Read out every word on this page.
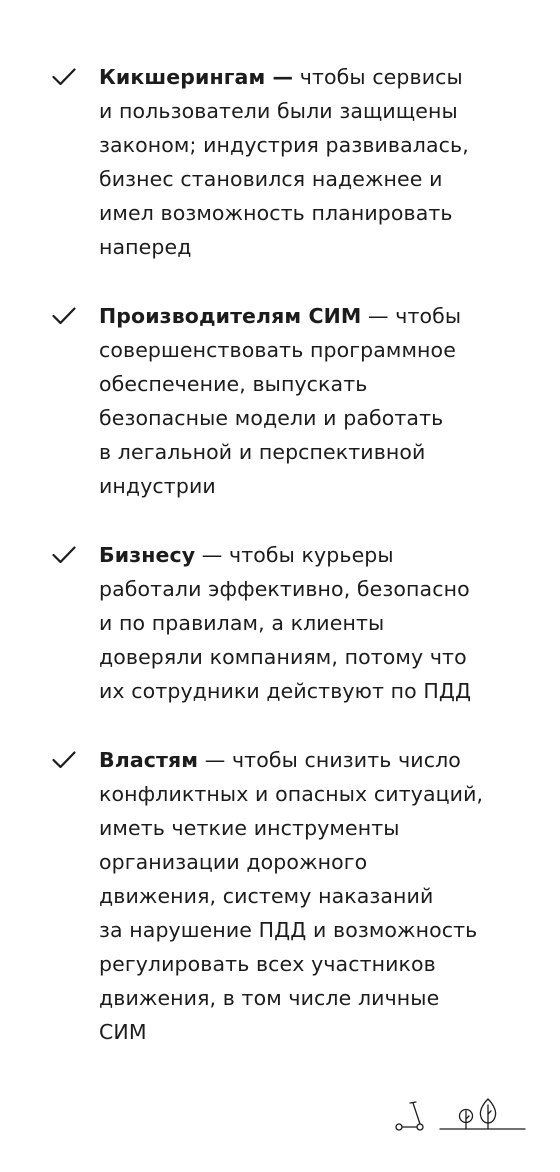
Кикшерингам — чтобы сервисы
и пользователи были защищены
законом; индустрия развивалась,
бизнес становился надежнее и
имел возможность планировать
наперед
Производителям СИМ — чтобы
совершенствовать программное
обеспечение, выпускать
безопасные модели и работать
в легальной и перспективной
индустрии
Бизнесу — чтобы курьеры
работали эффективно, безопасно
и по правилам, а клиенты
доверяли компаниям, потому что
их сотрудники действуют по ПДД
Властям — чтобы снизить число
конфликтных и опасных ситуаций,
иметь четкие инструменты
организации дорожного
движения, систему наказаний
за нарушение ПДД и возможность
регулировать всех участников
движения, в том числе личные
СИМ
